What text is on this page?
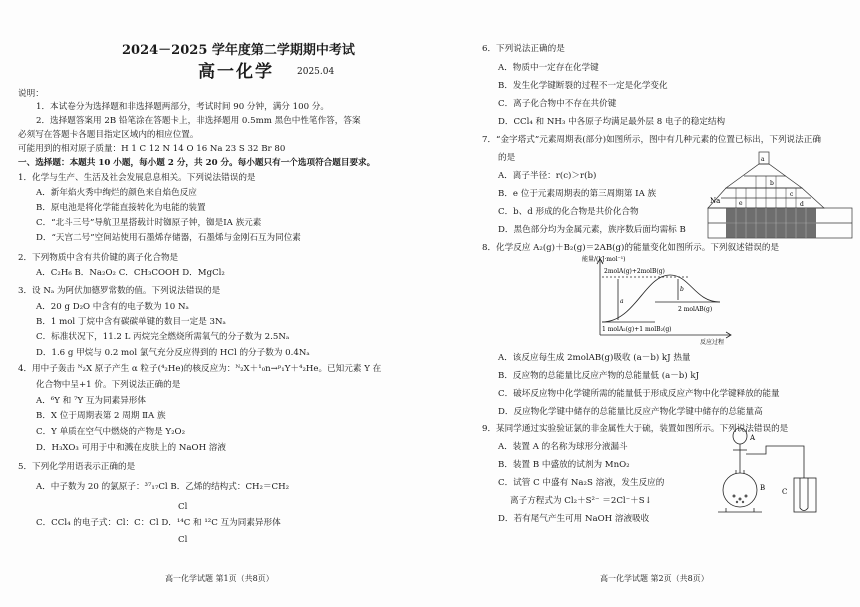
2024－2025 学年度第二学期期中考试
高一化学	2025.04
说明：
1．本试卷分为选择题和非选择题两部分，考试时间 90 分钟，满分 100 分。
2．选择题答案用 2B 铅笔涂在答题卡上，非选择题用 0.5mm 黑色中性笔作答，答案
必须写在答题卡各题目指定区域内的相应位置。
可能用到的相对原子质量：H 1 C 12 N 14 O 16 Na 23 S 32 Br 80
一、选择题：本题共 10 小题，每小题 2 分，共 20 分。每小题只有一个选项符合题目要求。
1．化学与生产、生活及社会发展息息相关。下列说法错误的是
A．新年焰火秀中绚烂的颜色来自焰色反应
B．原电池是将化学能直接转化为电能的装置
C．“北斗三号”导航卫星搭载计时铷原子钟，铷是ⅠA 族元素
D．“天宫二号”空间站使用石墨烯存储器，石墨烯与金刚石互为同位素
2．下列物质中含有共价键的离子化合物是
A．C₂H₆ B．Na₂O₂ C．CH₃COOH D．MgCl₂
3．设 Nₐ 为阿伏加德罗常数的值。下列说法错误的是
A．20 g D₂O 中含有的电子数为 10 Nₐ
B．1 mol 丁烷中含有碳碳单键的数目一定是 3Nₐ
C．标准状况下，11.2 L 丙烷完全燃烧所需氧气的分子数为 2.5Nₐ
D．1.6 g 甲烷与 0.2 mol 氯气充分反应得到的 HCl 的分子数为 0.4Nₐ
4．用中子轰击 ᴺ₂X 原子产生 α 粒子(⁴₂He)的核反应为：ᴺ₂X＋¹₀n→ᵖ₁Y＋⁴₂He。已知元素 Y 在
化合物中呈+1 价。下列说法正确的是
A．⁶Y 和 ⁷Y 互为同素异形体
B．X 位于周期表第 2 周期 ⅡA 族
C．Y 单质在空气中燃烧的产物是 Y₂O₂
D．H₃XO₃ 可用于中和溅在皮肤上的 NaOH 溶液
5．下列化学用语表示正确的是
A．中子数为 20 的氯原子：³⁷₁₇Cl B．乙烯的结构式：CH₂＝CH₂
Cl
C．CCl₄ 的电子式：Cl：C：Cl D．¹⁴C 和 ¹²C 互为同素异形体
Cl
高一化学试题 第1页（共8页）
6．下列说法正确的是
A．物质中一定存在化学键
B．发生化学键断裂的过程不一定是化学变化
C．离子化合物中不存在共价键
D．CCl₄ 和 NH₃ 中各原子均满足最外层 8 电子的稳定结构
7．“金字塔式”元素周期表(部分)如图所示，图中有几种元素的位置已标出，下列说法正确
的是
A．离子半径：r(c)＞r(b)
B．e 位于元素周期表的第三周期第 ⅠA 族
C．b、d 形成的化合物是共价化合物
D．黑色部分均为金属元素，族序数后面均需标 B
Na
a
b
c
d
e
8．化学反应 A₂(g)＋B₂(g)＝2AB(g)的能量变化如图所示。下列叙述错误的是
能量/(kJ·mol⁻¹)
2molA(g)+2molB(g)
a
b
2 molAB(g)
1 molA₂(g)+1 molB₂(g)
反应过程
A．该反应每生成 2molAB(g)吸收 (a－b) kJ 热量
B．反应物的总能量比反应产物的总能量低 (a－b) kJ
C．破坏反应物中化学键所需的能量低于形成反应产物中化学键释放的能量
D．反应物化学键中储存的总能量比反应产物化学键中储存的总能量高
9．某同学通过实验验证氯的非金属性大于硫，装置如图所示。下列说法错误的是
A．装置 A 的名称为球形分液漏斗
B．装置 B 中盛放的试剂为 MnO₂
C．试管 C 中盛有 Na₂S 溶液，发生反应的
离子方程式为 Cl₂＋S²⁻ ＝2Cl⁻＋S↓
D．若有尾气产生可用 NaOH 溶液吸收
A
B C
高一化学试题 第2页（共8页）
